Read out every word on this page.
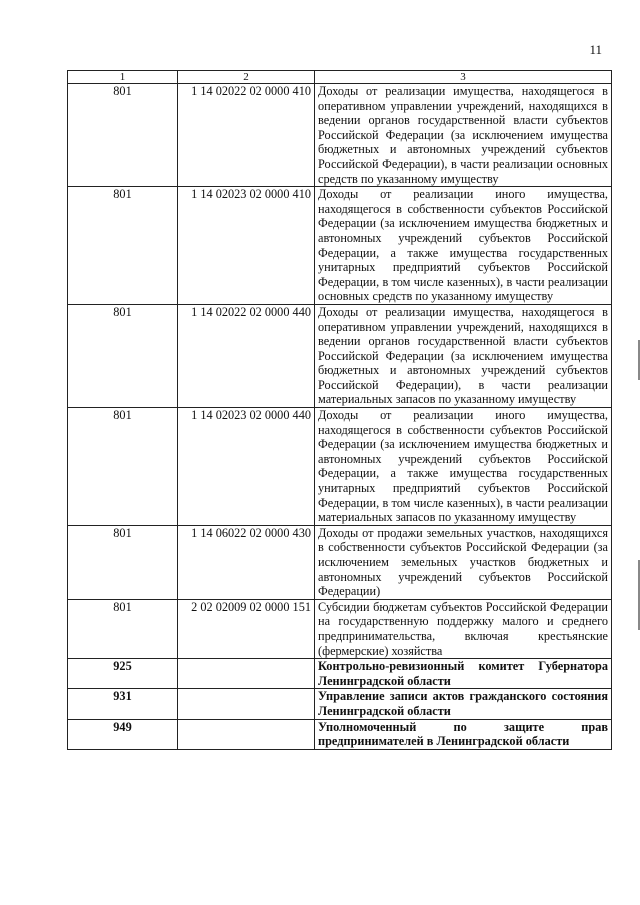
11
1	2	3
801	1 14 02022 02 0000 410	Доходы от реализации имущества, находящегося в оперативном управлении учреждений, находящихся в ведении органов государственной власти субъектов Российской Федерации (за исключением имущества бюджетных и автономных учреждений субъектов Российской Федерации), в части реализации основных средств по указанному имуществу
801	1 14 02023 02 0000 410	Доходы от реализации иного имущества, находящегося в собственности субъектов Российской Федерации (за исключением имущества бюджетных и автономных учреждений субъектов Российской Федерации, а также имущества государственных унитарных предприятий субъектов Российской Федерации, в том числе казенных), в части реализации основных средств по указанному имуществу
801	1 14 02022 02 0000 440	Доходы от реализации имущества, находящегося в оперативном управлении учреждений, находящихся в ведении органов государственной власти субъектов Российской Федерации (за исключением имущества бюджетных и автономных учреждений субъектов Российской Федерации), в части реализации материальных запасов по указанному имуществу
801	1 14 02023 02 0000 440	Доходы от реализации иного имущества, находящегося в собственности субъектов Российской Федерации (за исключением имущества бюджетных и автономных учреждений субъектов Российской Федерации, а также имущества государственных унитарных предприятий субъектов Российской Федерации, в том числе казенных), в части реализации материальных запасов по указанному имуществу
801	1 14 06022 02 0000 430	Доходы от продажи земельных участков, находящихся в собственности субъектов Российской Федерации (за исключением земельных участков бюджетных и автономных учреждений субъектов Российской Федерации)
801	2 02 02009 02 0000 151	Субсидии бюджетам субъектов Российской Федерации на государственную поддержку малого и среднего предпринимательства, включая крестьянские (фермерские) хозяйства
925		Контрольно-ревизионный комитет Губернатора Ленинградской области
931		Управление записи актов гражданского состояния Ленинградской области
949		Уполномоченный по защите прав предпринимателей в Ленинградской области
